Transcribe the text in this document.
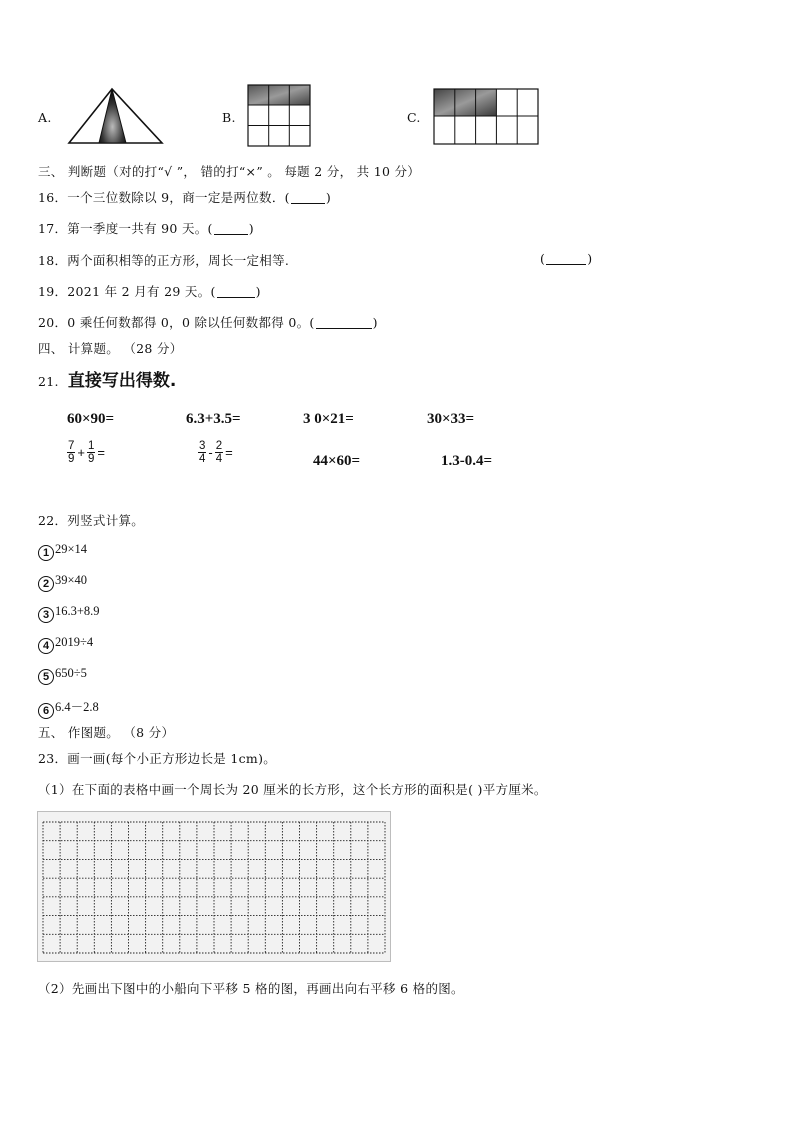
A.	B.	C.
三、 判断题（对的打“√ ”， 错的打“×” 。 每题 2 分， 共 10 分）
16．一个三位数除以 9，商一定是两位数．(	)
17．第一季度一共有 90 天。(	)
18．两个面积相等的正方形，周长一定相等.	(	)
19．2021 年 2 月有 29 天。(	)
20．0 乘任何数都得 0，0 除以任何数都得 0。(	)
四、 计算题。 （28 分）
21. 直接写出得数.
60×90=	6.3+3.5=	3 0×21=	30×33=
$\frac{7}{9} + \frac{1}{9}$ =	$\frac{3}{4} - \frac{2}{4}$ =
44×60=	1.3-0.4=
22．列竖式计算。
1 29×14
2 39×40
3 16.3+8.9
4 2019÷4
5 650÷5
6 6.4－2.8
五、 作图题。 （8 分）
23．画一画(每个小正方形边长是 1cm)。
（1）在下面的表格中画一个周长为 20 厘米的长方形，这个长方形的面积是( )平方厘米。
（2）先画出下图中的小船向下平移 5 格的图，再画出向右平移 6 格的图。
